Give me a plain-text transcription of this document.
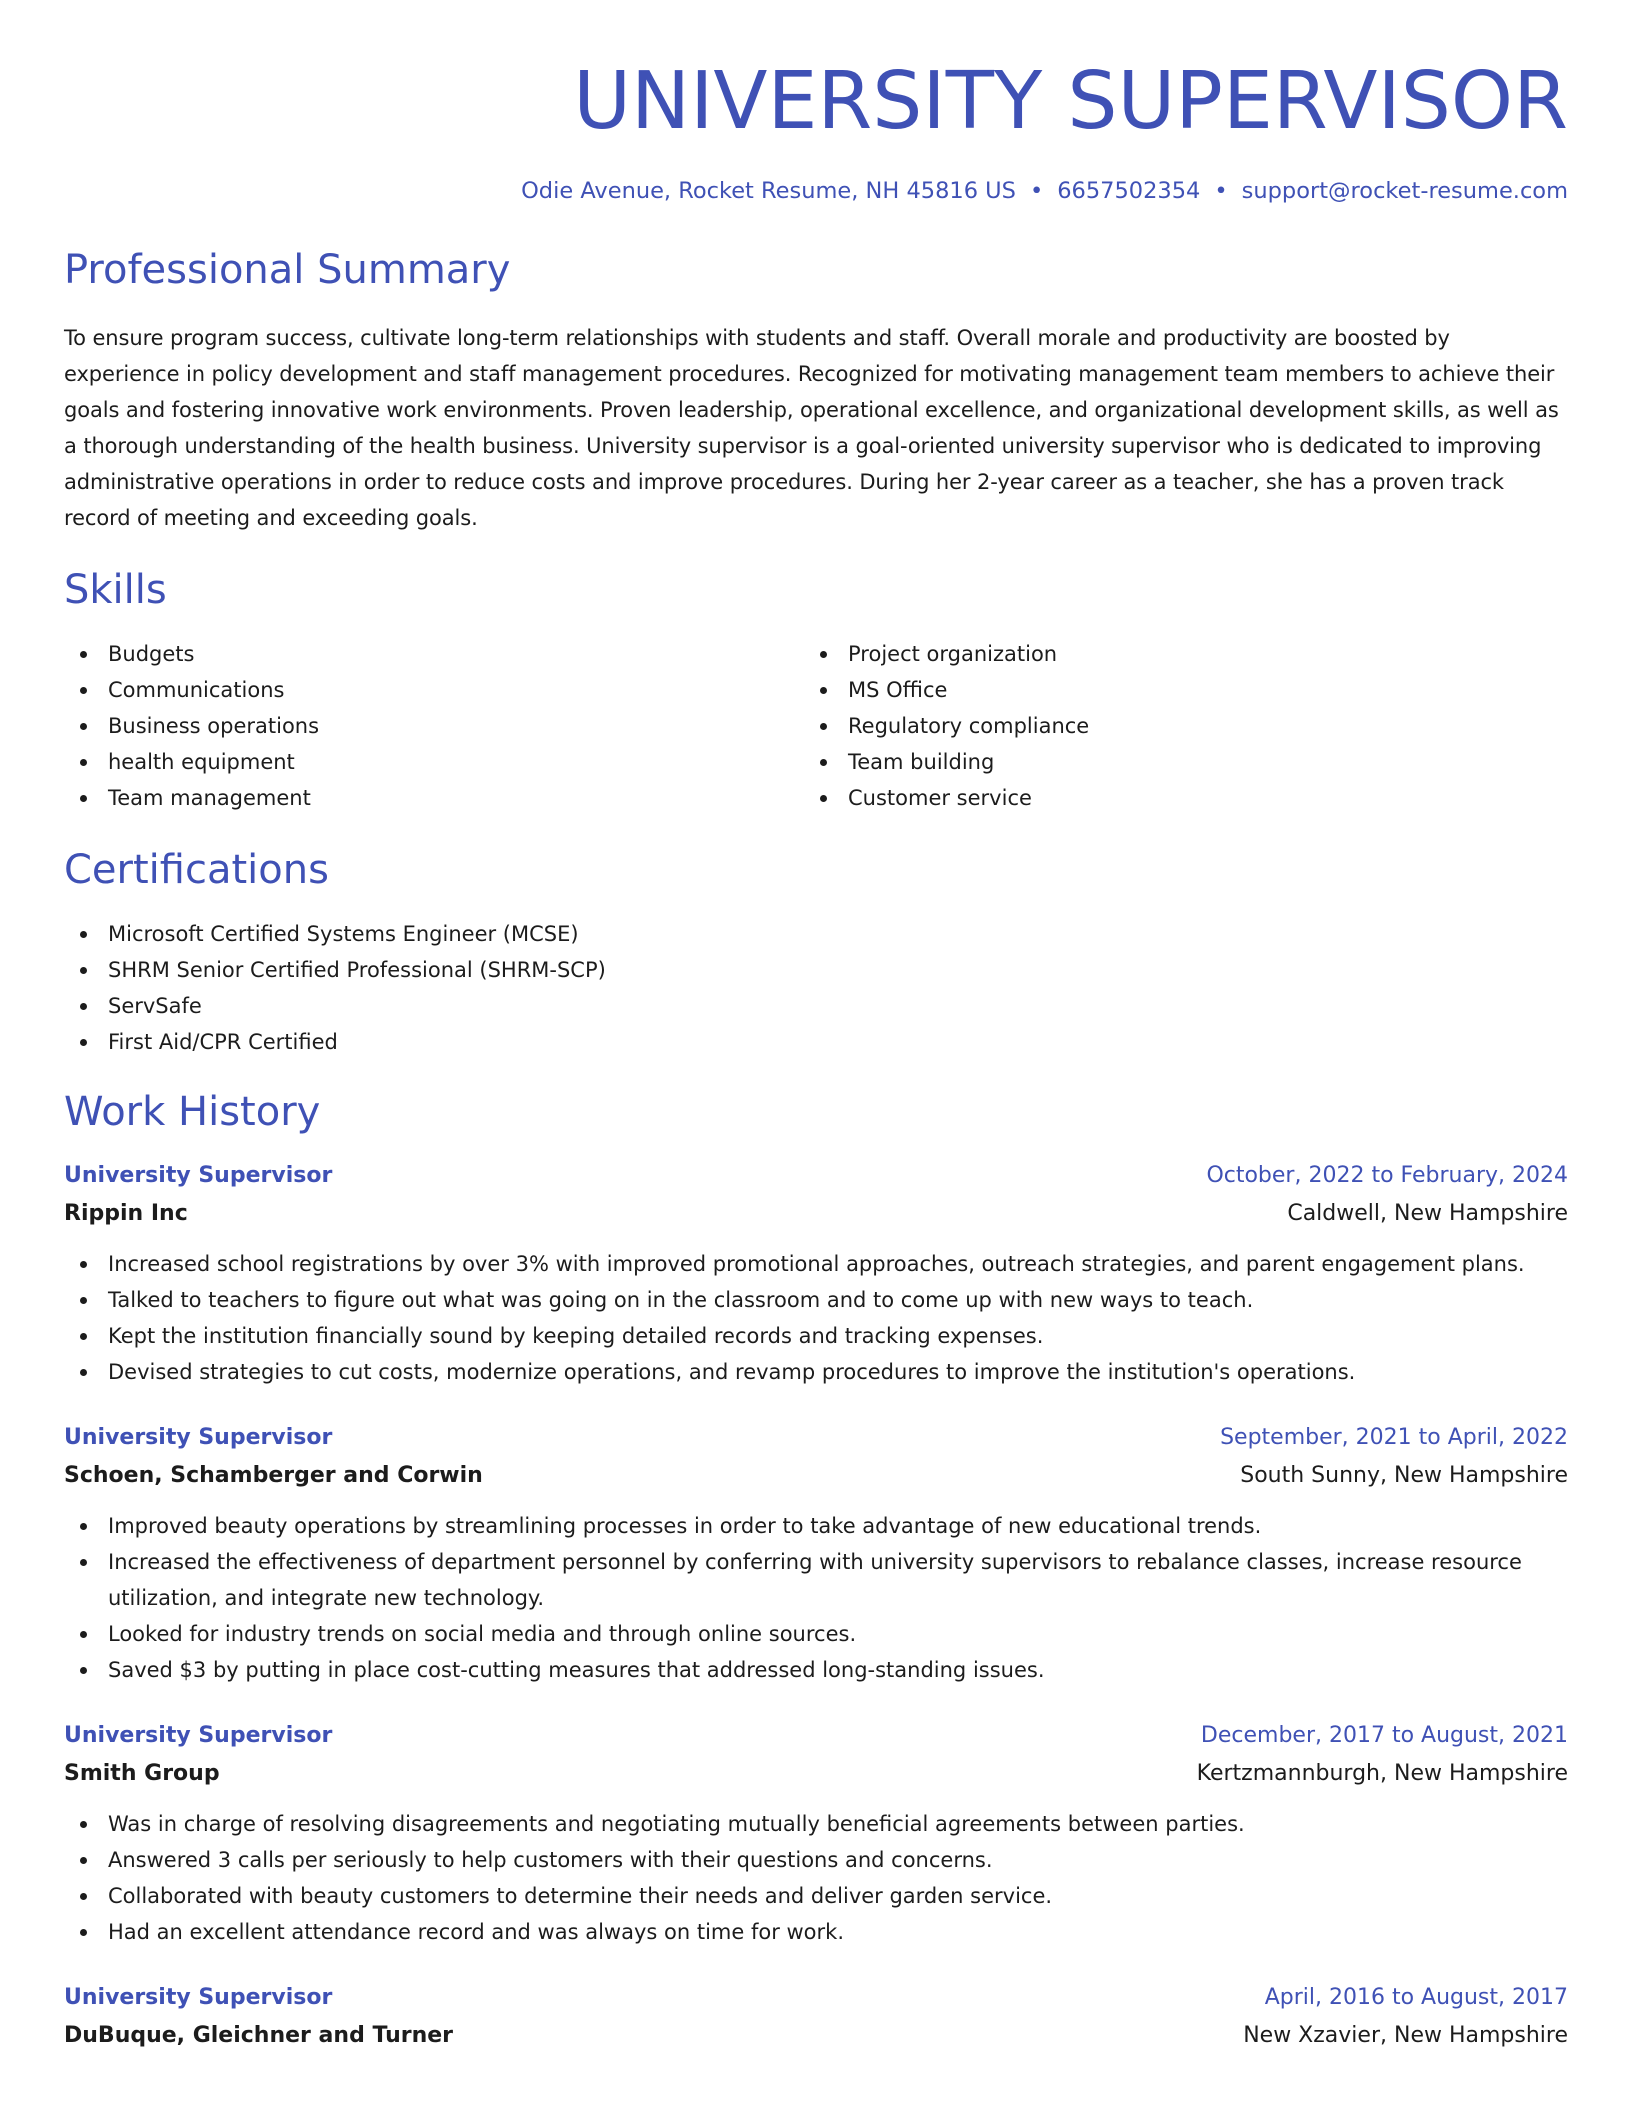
UNIVERSITY SUPERVISOR
Odie Avenue, Rocket Resume, NH 45816 US • 6657502354 • support@rocket-resume.com
Professional Summary

To ensure program success, cultivate long-term relationships with students and staff. Overall morale and productivity are boosted by experience in policy development and staff management procedures. Recognized for motivating management team members to achieve their goals and fostering innovative work environments. Proven leadership, operational excellence, and organizational development skills, as well as a thorough understanding of the health business. University supervisor is a goal-oriented university supervisor who is dedicated to improving administrative operations in order to reduce costs and improve procedures. During her 2-year career as a teacher, she has a proven track record of meeting and exceeding goals.

Skills
Budgets
Communications
Business operations
health equipment
Team management
Project organization
MS Office
Regulatory compliance
Team building
Customer service
Certifications
Microsoft Certified Systems Engineer (MCSE)
SHRM Senior Certified Professional (SHRM-SCP)
ServSafe
First Aid/CPR Certified
Work History
University Supervisor	October, 2022 to February, 2024
Rippin Inc	Caldwell, New Hampshire
Increased school registrations by over 3% with improved promotional approaches, outreach strategies, and parent engagement plans.
Talked to teachers to figure out what was going on in the classroom and to come up with new ways to teach.
Kept the institution financially sound by keeping detailed records and tracking expenses.
Devised strategies to cut costs, modernize operations, and revamp procedures to improve the institution's operations.
University Supervisor	September, 2021 to April, 2022
Schoen, Schamberger and Corwin	South Sunny, New Hampshire
Improved beauty operations by streamlining processes in order to take advantage of new educational trends.
Increased the effectiveness of department personnel by conferring with university supervisors to rebalance classes, increase resource utilization, and integrate new technology.
Looked for industry trends on social media and through online sources.
Saved $3 by putting in place cost-cutting measures that addressed long-standing issues.
University Supervisor	December, 2017 to August, 2021
Smith Group	Kertzmannburgh, New Hampshire
Was in charge of resolving disagreements and negotiating mutually beneficial agreements between parties.
Answered 3 calls per seriously to help customers with their questions and concerns.
Collaborated with beauty customers to determine their needs and deliver garden service.
Had an excellent attendance record and was always on time for work.
University Supervisor	April, 2016 to August, 2017
DuBuque, Gleichner and Turner	New Xzavier, New Hampshire
